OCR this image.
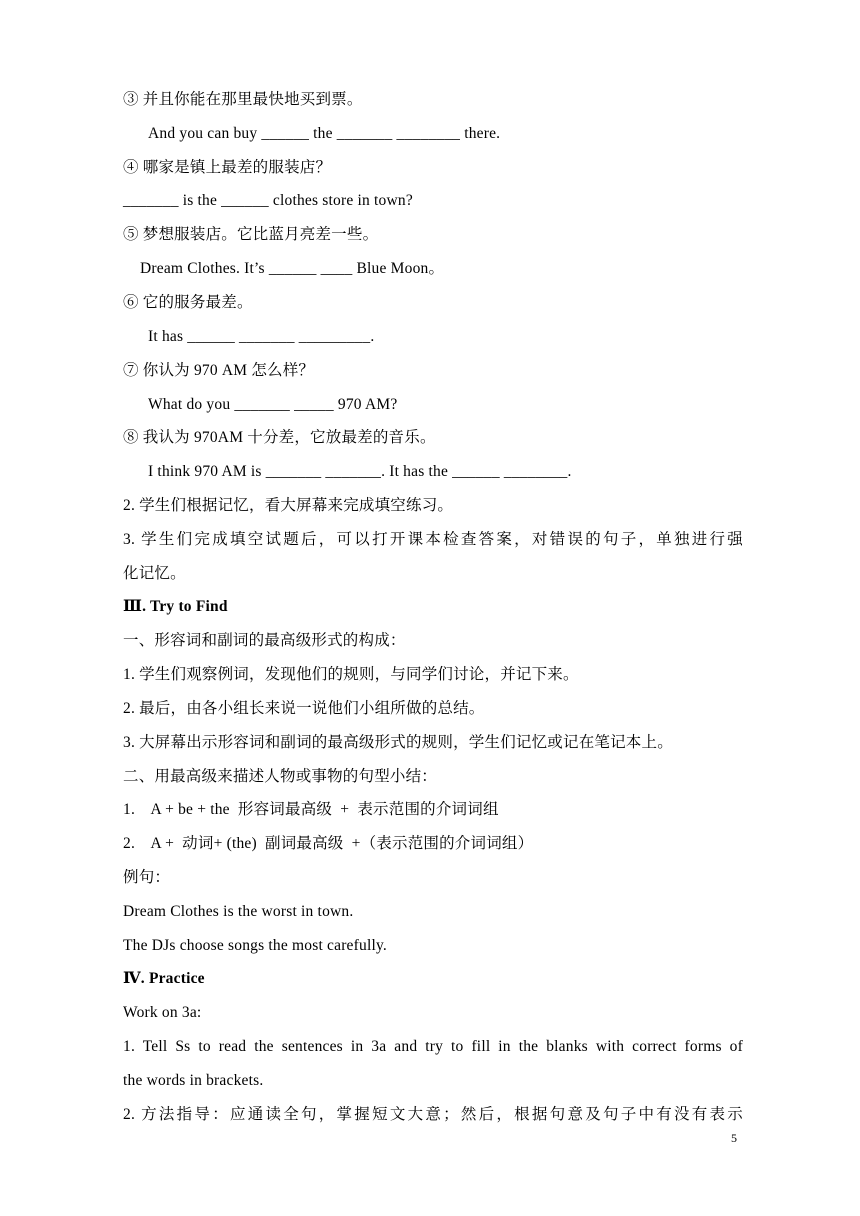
③ 并且你能在那里最快地买到票。
And you can buy ______ the _______ ________ there.
④ 哪家是镇上最差的服装店？
_______ is the ______ clothes store in town?
⑤ 梦想服装店。它比蓝月亮差一些。
Dream Clothes. It’s ______ ____ Blue Moon。
⑥ 它的服务最差。
It has ______ _______ _________.
⑦ 你认为 970 AM 怎么样？
What do you _______ _____ 970 AM?
⑧ 我认为 970AM 十分差，它放最差的音乐。
I think 970 AM is _______ _______. It has the ______ ________.
2. 学生们根据记忆，看大屏幕来完成填空练习。
3. 学生们完成填空试题后，可以打开课本检查答案，对错误的句子，单独进行强
化记忆。
Ⅲ. Try to Find
一、形容词和副词的最高级形式的构成：
1. 学生们观察例词，发现他们的规则，与同学们讨论，并记下来。
2. 最后，由各小组长来说一说他们小组所做的总结。
3. 大屏幕出示形容词和副词的最高级形式的规则，学生们记忆或记在笔记本上。
二、用最高级来描述人物或事物的句型小结：
1.    A + be + the  形容词最高级  +  表示范围的介词词组
2.    A +  动词+ (the)  副词最高级  +（表示范围的介词词组）
例句：
Dream Clothes is the worst in town.
The DJs choose songs the most carefully.
Ⅳ. Practice
Work on 3a:
1. Tell Ss to read the sentences in 3a and try to fill in the blanks with correct forms of
the words in brackets.
2. 方法指导：应通读全句，掌握短文大意；然后，根据句意及句子中有没有表示
5
